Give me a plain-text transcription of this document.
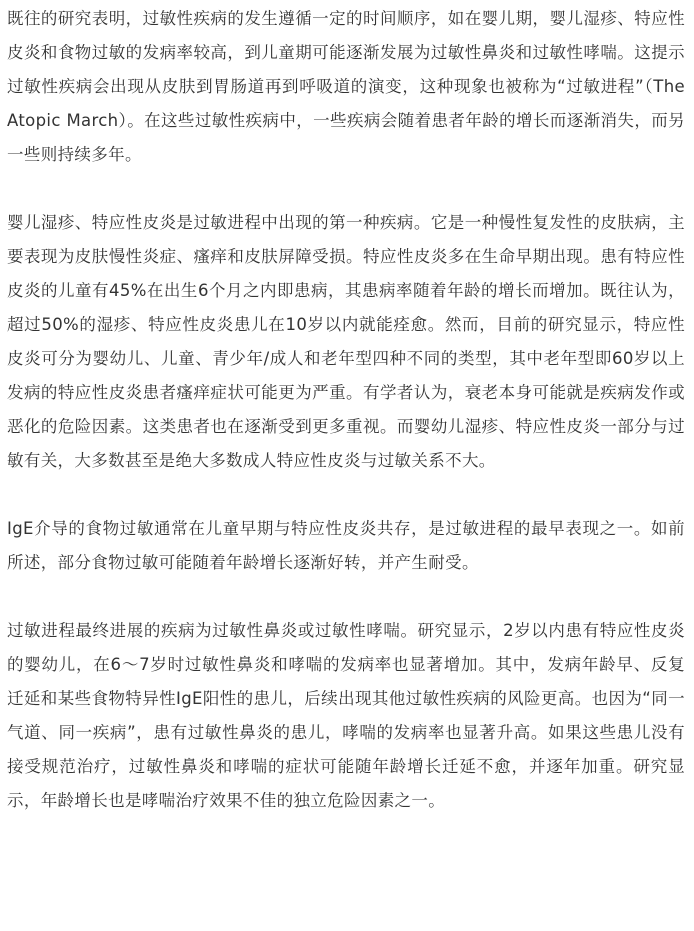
既往的研究表明，过敏性疾病的发生遵循一定的时间顺序，如在婴儿期，婴儿湿疹、特应性皮炎和食物过敏的发病率较高，到儿童期可能逐渐发展为过敏性鼻炎和过敏性哮喘。这提示过敏性疾病会出现从皮肤到胃肠道再到呼吸道的演变，这种现象也被称为“过敏进程”（The Atopic March）。在这些过敏性疾病中，一些疾病会随着患者年龄的增长而逐渐消失，而另一些则持续多年。

婴儿湿疹、特应性皮炎是过敏进程中出现的第一种疾病。它是一种慢性复发性的皮肤病，主要表现为皮肤慢性炎症、瘙痒和皮肤屏障受损。特应性皮炎多在生命早期出现。患有特应性皮炎的儿童有45%在出生6个月之内即患病，其患病率随着年龄的增长而增加。既往认为，超过50%的湿疹、特应性皮炎患儿在10岁以内就能痊愈。然而，目前的研究显示，特应性皮炎可分为婴幼儿、儿童、青少年/成人和老年型四种不同的类型，其中老年型即60岁以上发病的特应性皮炎患者瘙痒症状可能更为严重。有学者认为，衰老本身可能就是疾病发作或恶化的危险因素。这类患者也在逐渐受到更多重视。而婴幼儿湿疹、特应性皮炎一部分与过敏有关，大多数甚至是绝大多数成人特应性皮炎与过敏关系不大。

IgE介导的食物过敏通常在儿童早期与特应性皮炎共存，是过敏进程的最早表现之一。如前所述，部分食物过敏可能随着年龄增长逐渐好转，并产生耐受。

过敏进程最终进展的疾病为过敏性鼻炎或过敏性哮喘。研究显示，2岁以内患有特应性皮炎的婴幼儿，在6～7岁时过敏性鼻炎和哮喘的发病率也显著增加。其中，发病年龄早、反复迁延和某些食物特异性IgE阳性的患儿，后续出现其他过敏性疾病的风险更高。也因为“同一气道、同一疾病”，患有过敏性鼻炎的患儿，哮喘的发病率也显著升高。如果这些患儿没有接受规范治疗，过敏性鼻炎和哮喘的症状可能随年龄增长迁延不愈，并逐年加重。研究显示，年龄增长也是哮喘治疗效果不佳的独立危险因素之一。
